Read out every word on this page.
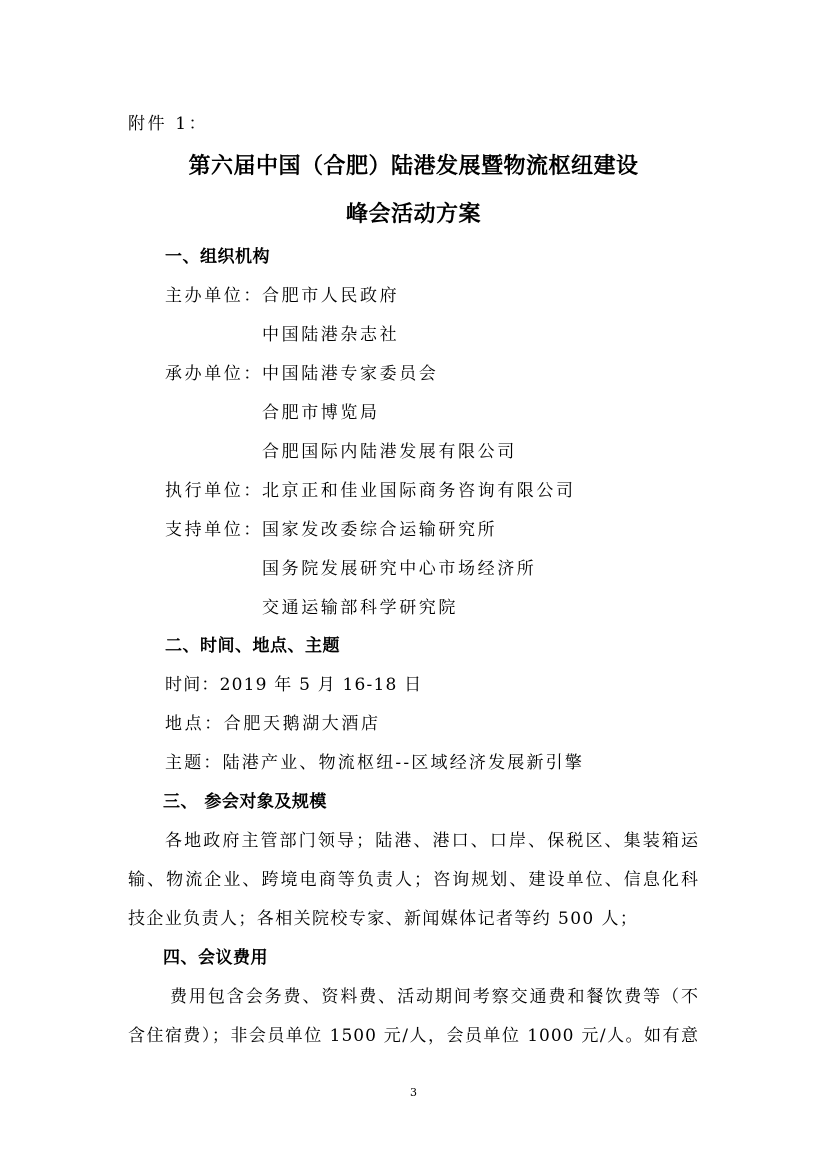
附件 1：
第六届中国（合肥）陆港发展暨物流枢纽建设
峰会活动方案
一、组织机构
主办单位： 合肥市人民政府
中国陆港杂志社
承办单位： 中国陆港专家委员会
合肥市博览局
合肥国际内陆港发展有限公司
执行单位： 北京正和佳业国际商务咨询有限公司
支持单位： 国家发改委综合运输研究所
国务院发展研究中心市场经济所
交通运输部科学研究院
二、时间、地点、主题
时间：2019 年 5 月 16-18 日
地点：合肥天鹅湖大酒店
主题：陆港产业、物流枢纽--区域经济发展新引擎
三、 参会对象及规模
各地政府主管部门领导；陆港、港口、口岸、保税区、集装箱运
输、物流企业、跨境电商等负责人；咨询规划、建设单位、信息化科
技企业负责人；各相关院校专家、新闻媒体记者等约 500 人；
四、会议费用
费用包含会务费、资料费、活动期间考察交通费和餐饮费等（不
含住宿费）；非会员单位 1500 元/人，会员单位 1000 元/人。如有意
3
